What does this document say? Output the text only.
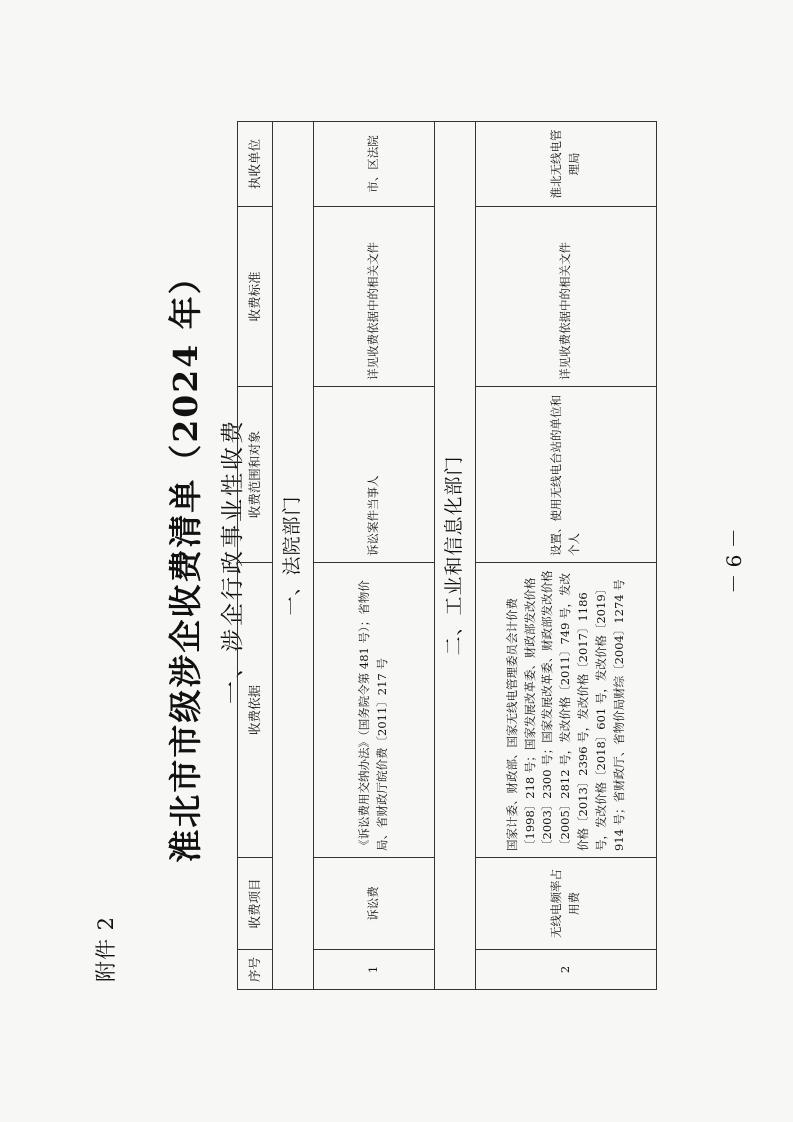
附件 2
淮北市市级涉企收费清单（2024 年） 一、涉企行政事业性收费
序号	收费项目	收费依据	收费范围和对象	收费标准	执收单位
一、法院部门					
1	诉讼费	《诉讼费用交纳办法》（国务院令第 481 号）；省物价局、省财政厅皖价费〔2011〕217 号	诉讼案件当事人	详见收费依据中的相关文件	市、区法院
二、工业和信息化部门					
2	无线电频率占用费	国家计委、财政部、国家无线电管理委员会计价费〔1998〕218 号；国家发展改革委、财政部发改价格〔2003〕2300 号；国家发展改革委、财政部发改价格〔2005〕2812 号，发改价格〔2011〕749 号，发改价格〔2013〕2396 号，发改价格〔2017〕1186 号，发改价格〔2018〕601 号，发改价格〔2019〕914 号；省财政厅、省物价局财综〔2004〕1274 号	设置、使用无线电台站的单位和个人	详见收费依据中的相关文件	淮北无线电管理局
－ 6 －
